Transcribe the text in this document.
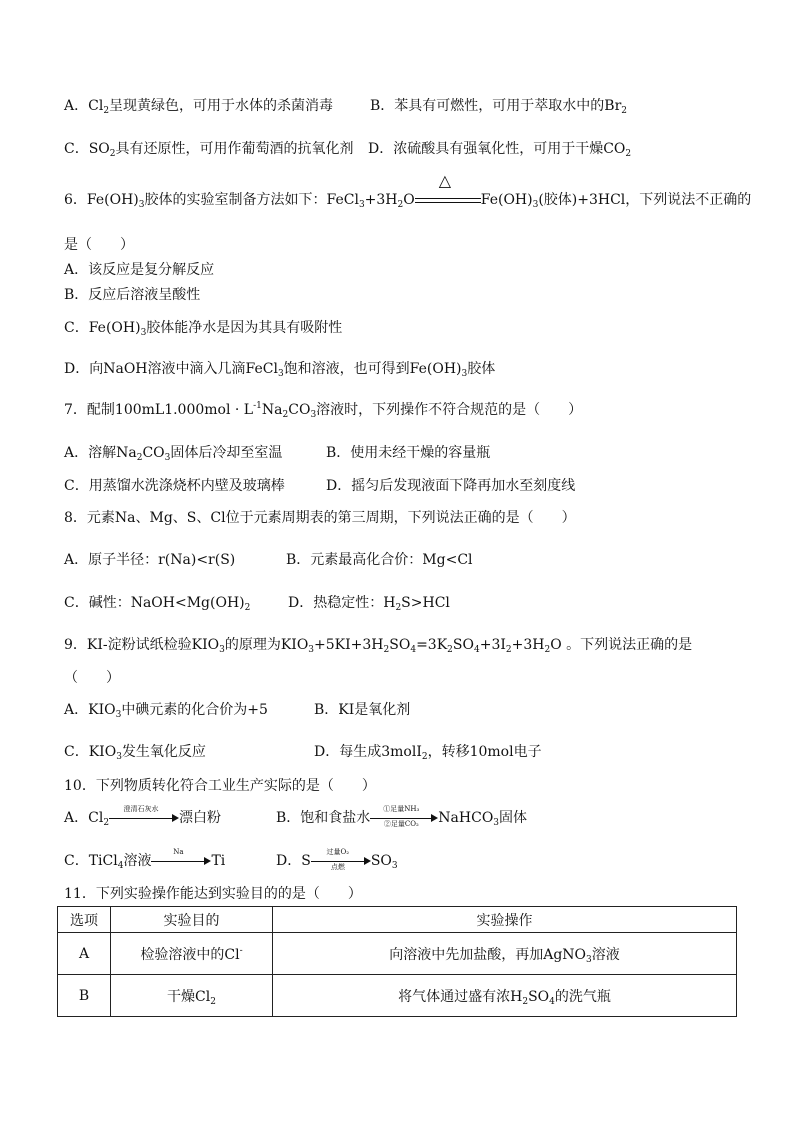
A．$Cl_2$呈现黄绿色，可用于水体的杀菌消毒	B．苯具有可燃性，可用于萃取水中的$Br_2$
C．$SO_2$具有还原性，可用作葡萄酒的抗氧化剂 D．浓硫酸具有强氧化性，可用于干燥$CO_2$
6．$Fe(OH)_3$胶体的实验室制备方法如下：$FeCl_3+3H_2O$
△
$Fe(OH)_3$(胶体)+3HCl，下列说法不正确的
是（　　）
A．该反应是复分解反应
B．反应后溶液呈酸性
C．$Fe(OH)_3$胶体能净水是因为其具有吸附性
D．向NaOH溶液中滴入几滴FeCl$_3$饱和溶液，也可得到$Fe(OH)_3$胶体
7．配制$100mL1.000mol \cdot L^{-1}Na_2CO_3$溶液时，下列操作不符合规范的是（　　）
A．溶解$Na_2CO_3$固体后冷却至室温	B．使用未经干燥的容量瓶
C．用蒸馏水洗涤烧杯内壁及玻璃棒	D．摇匀后发现液面下降再加水至刻度线
8．元素Na、Mg、S、Cl位于元素周期表的第三周期，下列说法正确的是（　　）
A．原子半径：r(Na)<r(S)	B．元素最高化合价：Mg<Cl
C．碱性：$NaOH<Mg(OH)_2$	D．热稳定性：$H_2S>HCl$
9．KI-淀粉试纸检验$KIO_3$的原理为$KIO_3+5KI+3H_2SO_4=3K_2SO_4+3I_2+3H_2O$ 。下列说法正确的是
（　　）
A．$KIO_3$中碘元素的化合价为+5	B．KI是氧化剂
C．$KIO_3$发生氧化反应	D．每生成3molI$_2$，转移10mol电子
10．下列物质转化符合工业生产实际的是（　　）
A．$Cl_2$
澄清石灰水
漂白粉	B．饱和食盐水
①足量NH₃
②足量CO₂	NaHCO$_3$固体
C．TiCl$_4$溶液
Na
Ti	D．S
过量O₂
点燃	$SO_3$
11．下列实验操作能达到实验目的的是（　　）
选项	实验目的	实验操作
A	检验溶液中的Cl-	向溶液中先加盐酸，再加AgNO$_3$溶液
B	干燥$Cl_2$	将气体通过盛有浓$H_2SO_4$的洗气瓶
